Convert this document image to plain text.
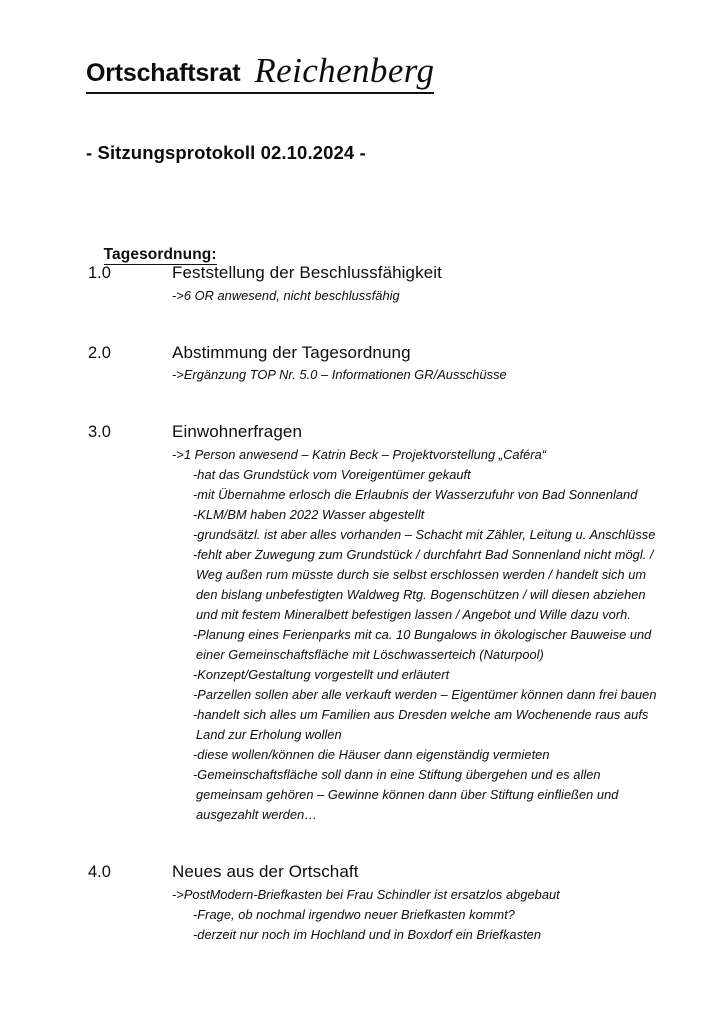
Ortschaftsrat Reichenberg
- Sitzungsprotokoll 02.10.2024 -

Tagesordnung:

1.0	Feststellung der Beschlussfähigkeit
->6 OR anwesend, nicht beschlussfähig
2.0	Abstimmung der Tagesordnung
->Ergänzung TOP Nr. 5.0 – Informationen GR/Ausschüsse
3.0	Einwohnerfragen
->1 Person anwesend – Katrin Beck – Projektvorstellung „Caféra“
-hat das Grundstück vom Voreigentümer gekauft
-mit Übernahme erlosch die Erlaubnis der Wasserzufuhr von Bad Sonnenland
-KLM/BM haben 2022 Wasser abgestellt
-grundsätzl. ist aber alles vorhanden – Schacht mit Zähler, Leitung u. Anschlüsse
-fehlt aber Zuwegung zum Grundstück / durchfahrt Bad Sonnenland nicht mögl. /
Weg außen rum müsste durch sie selbst erschlossen werden / handelt sich um
den bislang unbefestigten Waldweg Rtg. Bogenschützen / will diesen abziehen
und mit festem Mineralbett befestigen lassen / Angebot und Wille dazu vorh.
-Planung eines Ferienparks mit ca. 10 Bungalows in ökologischer Bauweise und
einer Gemeinschaftsfläche mit Löschwasserteich (Naturpool)
-Konzept/Gestaltung vorgestellt und erläutert
-Parzellen sollen aber alle verkauft werden – Eigentümer können dann frei bauen
-handelt sich alles um Familien aus Dresden welche am Wochenende raus aufs
Land zur Erholung wollen
-diese wollen/können die Häuser dann eigenständig vermieten
-Gemeinschaftsfläche soll dann in eine Stiftung übergehen und es allen
gemeinsam gehören – Gewinne können dann über Stiftung einfließen und
ausgezahlt werden…
4.0	Neues aus der Ortschaft
->PostModern-Briefkasten bei Frau Schindler ist ersatzlos abgebaut
-Frage, ob nochmal irgendwo neuer Briefkasten kommt?
-derzeit nur noch im Hochland und in Boxdorf ein Briefkasten
